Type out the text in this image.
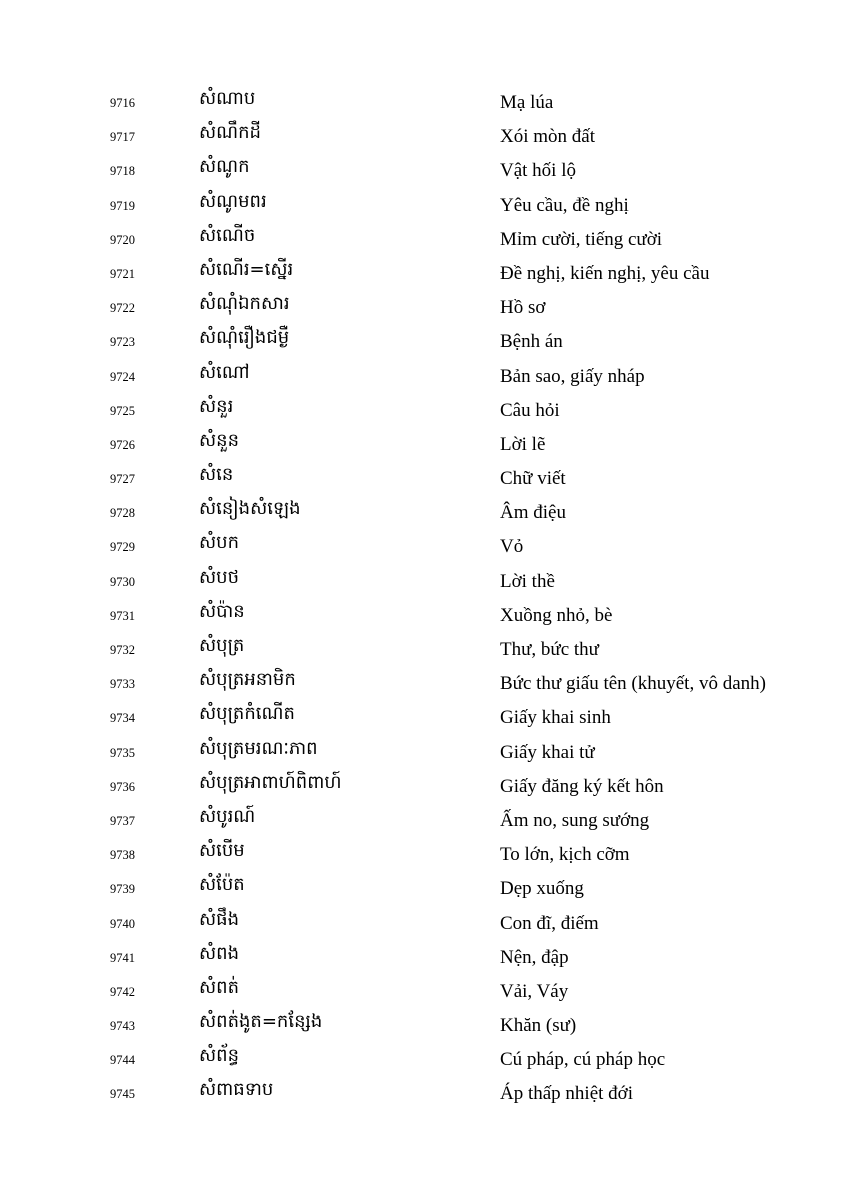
9716	សំណាប	Mạ lúa
9717	សំណឹកដី	Xói mòn đất
9718	សំណូក	Vật hối lộ
9719	សំណូមពរ	Yêu cầu, đề nghị
9720	សំណើច	Mỉm cười, tiếng cười
9721	សំណើរ=ស្នើរ	Đề nghị, kiến nghị, yêu cầu
9722	សំណុំឯកសារ	Hồ sơ
9723	សំណុំរឿងជម្ងឺ	Bệnh án
9724	សំណៅ	Bản sao, giấy nháp
9725	សំនួរ	Câu hỏi
9726	សំនួន	Lời lẽ
9727	សំនេ	Chữ viết
9728	សំនៀងសំឡេង	Âm điệu
9729	សំបក	Vỏ
9730	សំបថ	Lời thề
9731	សំប៉ាន	Xuồng nhỏ, bè
9732	សំបុត្រ	Thư, bức thư
9733	សំបុត្រអនាមិក	Bức thư giấu tên (khuyết, vô danh)
9734	សំបុត្រកំណើត	Giấy khai sinh
9735	សំបុត្រមរណៈភាព	Giấy khai tử
9736	សំបុត្រអាពាហ៍ពិពាហ៍	Giấy đăng ký kết hôn
9737	សំបូរណ៍	Ấm no, sung sướng
9738	សំបើម	To lớn, kịch cỡm
9739	សំប៉ែត	Dẹp xuống
9740	សំផឹង	Con đĩ, điếm
9741	សំពង	Nện, đập
9742	សំពត់	Vải, Váy
9743	សំពត់ងូត=កន្សែង	Khăn (sư)
9744	សំព័ន្ធ	Cú pháp, cú pháp học
9745	សំពាធទាប	Áp thấp nhiệt đới
